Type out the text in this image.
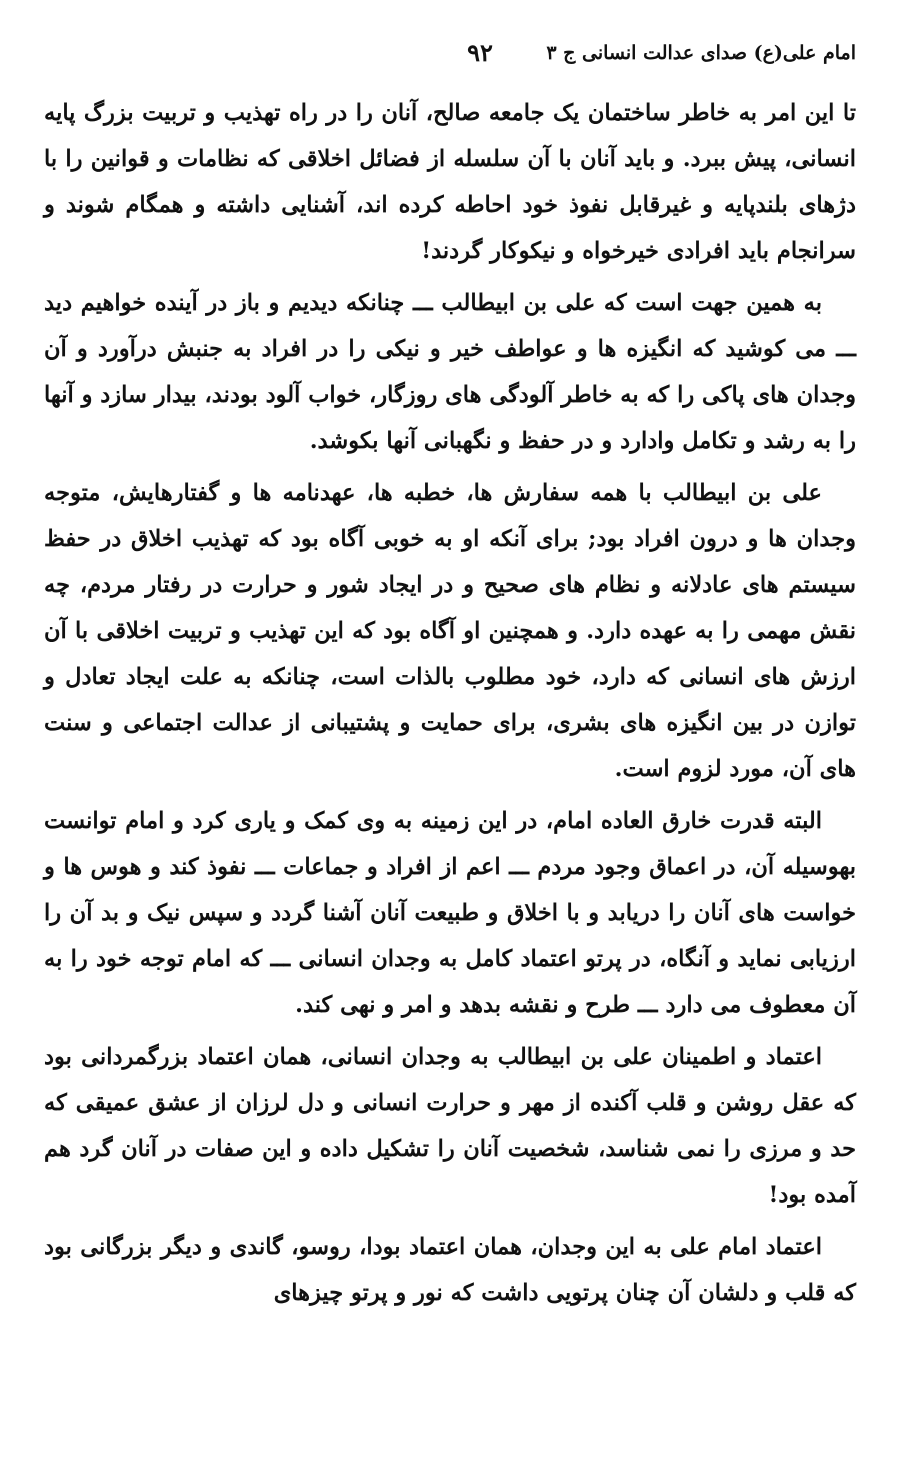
امام علی(ع) صدای عدالت انسانی ج ۳
۹۲

تا این امر به خاطر ساختمان یک جامعه صالح، آنان را در راه تهذیب و تربیت بزرگ پایه انسانی، پیش ببرد. و باید آنان با آن سلسله از فضائل اخلاقی که نظامات و قوانین را با دژهای بلندپایه و غیرقابل نفوذ خود احاطه کرده اند، آشنایی داشته و همگام شوند و سرانجام باید افرادی خیرخواه و نیکوکار گردند!

به همین جهت است که علی بن ابیطالب ـــ چنانکه دیدیم و باز در آینده خواهیم دید ـــ می کوشید که انگیزه ها و عواطف خیر و نیکی را در افراد به جنبش درآورد و آن وجدان های پاکی را که به خاطر آلودگی های روزگار، خواب آلود بودند، بیدار سازد و آنها را به رشد و تکامل وادارد و در حفظ و نگهبانی آنها بکوشد.

علی بن ابیطالب با همه سفارش ها، خطبه ها، عهدنامه ها و گفتارهایش، متوجه وجدان ها و درون افراد بود; برای آنکه او به خوبی آگاه بود که تهذیب اخلاق در حفظ سیستم های عادلانه و نظام های صحیح و در ایجاد شور و حرارت در رفتار مردم، چه نقش مهمی را به عهده دارد. و همچنین او آگاه بود که این تهذیب و تربیت اخلاقی با آن ارزش های انسانی که دارد، خود مطلوب بالذات است، چنانکه به علت ایجاد تعادل و توازن در بین انگیزه های بشری، برای حمایت و پشتیبانی از عدالت اجتماعی و سنت های آن، مورد لزوم است.

البته قدرت خارق العاده امام، در این زمینه به وی کمک و یاری کرد و امام توانست بهوسیله آن، در اعماق وجود مردم ـــ اعم از افراد و جماعات ـــ نفوذ کند و هوس ها و خواست های آنان را دریابد و با اخلاق و طبیعت آنان آشنا گردد و سپس نیک و بد آن را ارزیابی نماید و آنگاه، در پرتو اعتماد کامل به وجدان انسانی ـــ که امام توجه خود را به آن معطوف می دارد ـــ طرح و نقشه بدهد و امر و نهی کند.

اعتماد و اطمینان علی بن ابیطالب به وجدان انسانی، همان اعتماد بزرگمردانی بود که عقل روشن و قلب آکنده از مهر و حرارت انسانی و دل لرزان از عشق عمیقی که حد و مرزی را نمی شناسد، شخصیت آنان را تشکیل داده و این صفات در آنان گرد هم آمده بود!

اعتماد امام علی به این وجدان، همان اعتماد بودا، روسو، گاندی و دیگر بزرگانی بود که قلب و دلشان آن چنان پرتویی داشت که نور و پرتو چیزهای
